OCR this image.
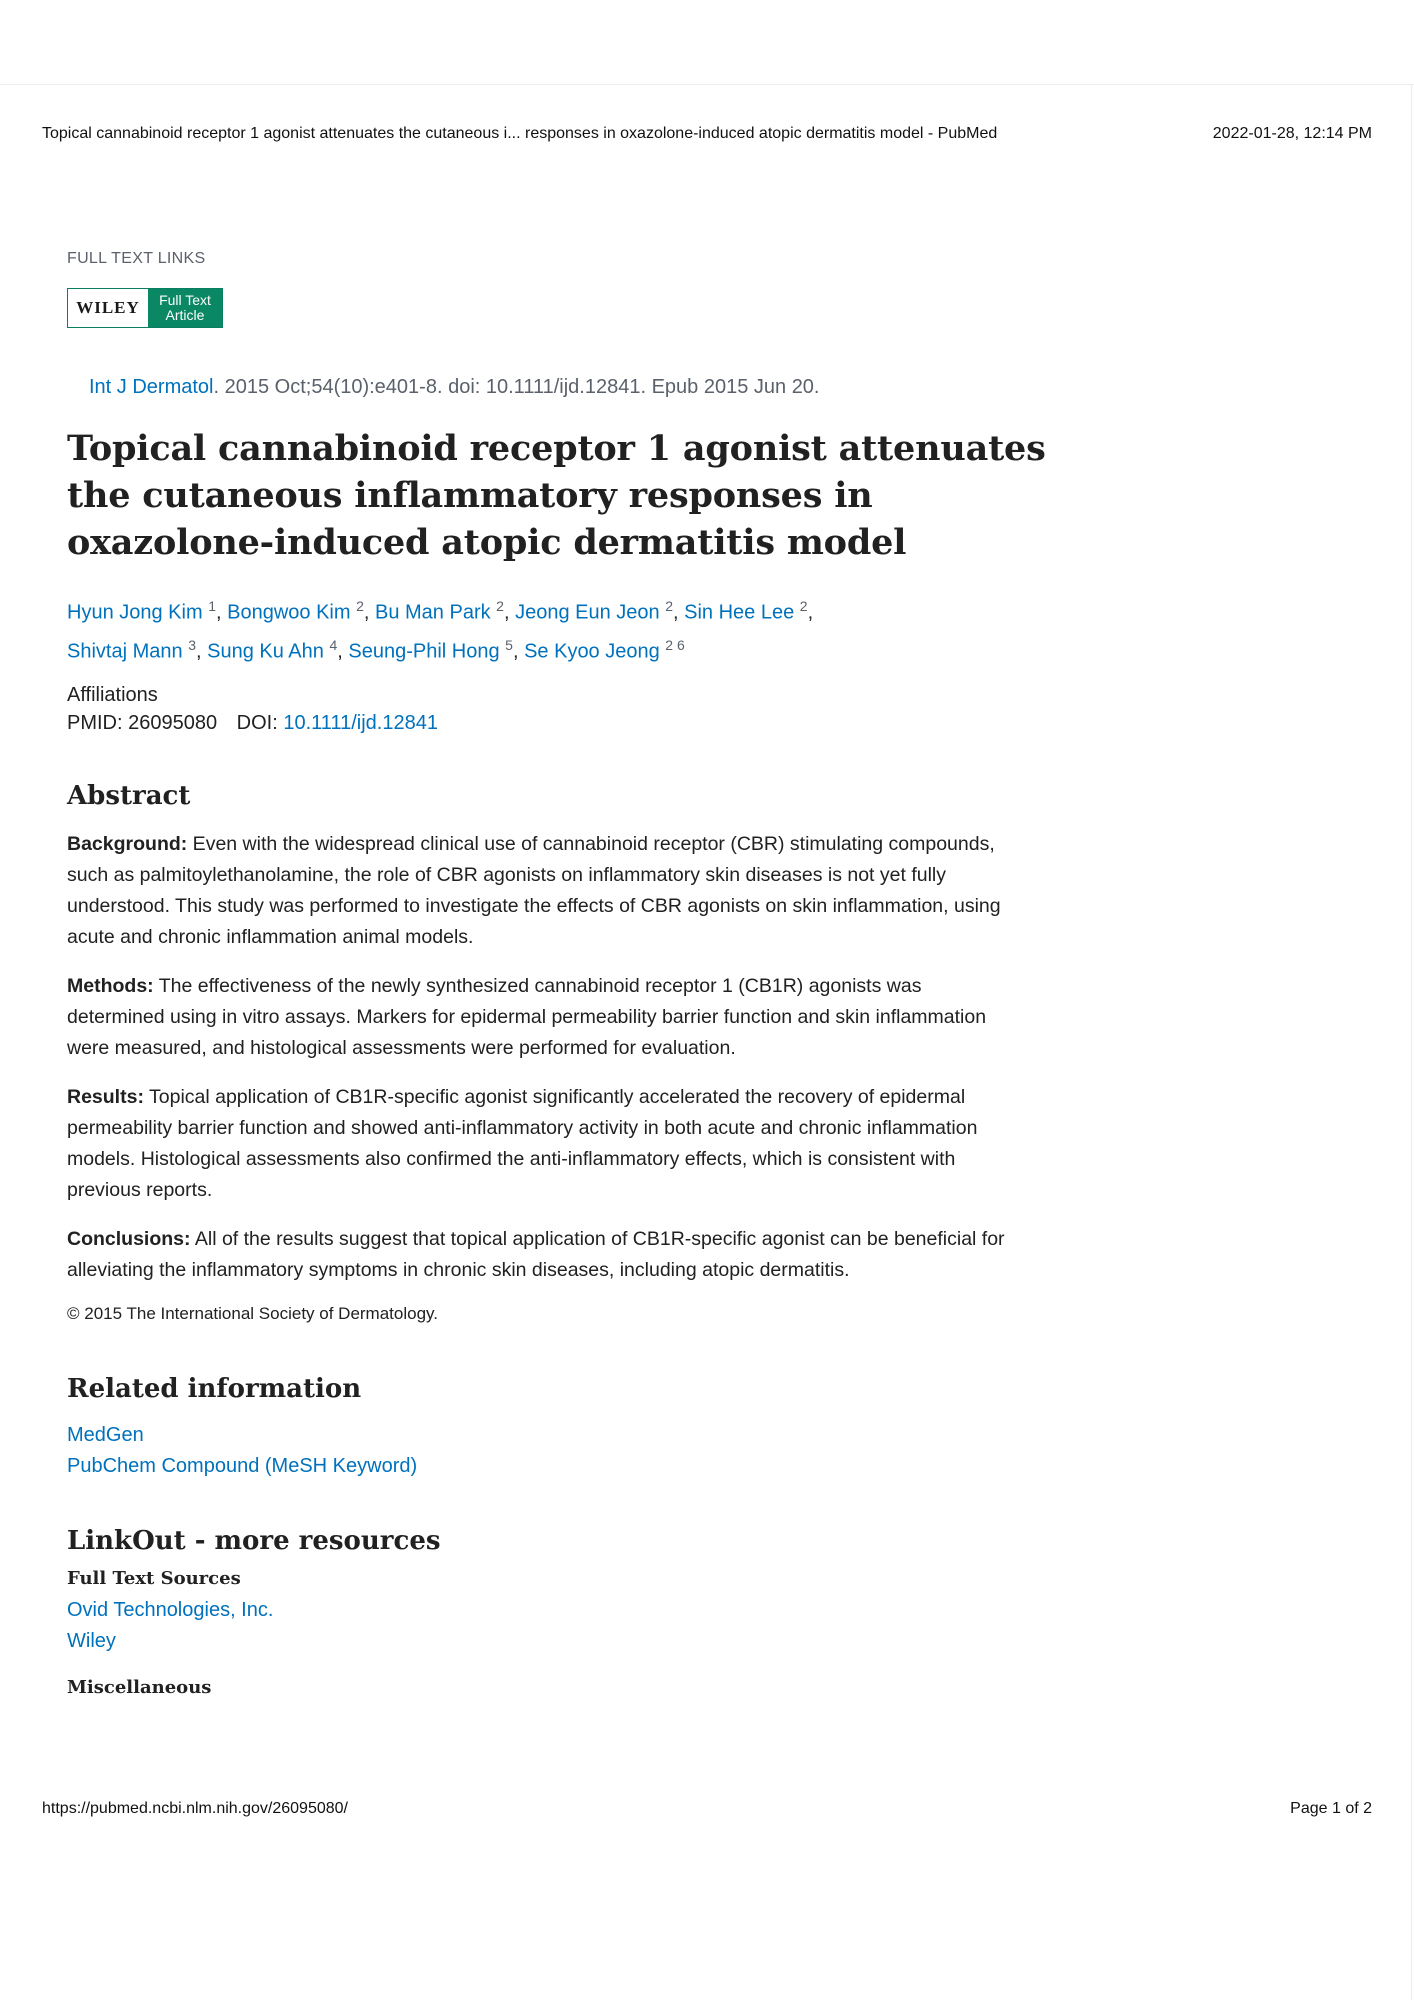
Topical cannabinoid receptor 1 agonist attenuates the cutaneous i... responses in oxazolone-induced atopic dermatitis model - PubMed	2022-01-28, 12:14 PM
FULL TEXT LINKS
WILEY	Full Text
Article
Int J Dermatol. 2015 Oct;54(10):e401-8. doi: 10.1111/ijd.12841. Epub 2015 Jun 20.
Topical cannabinoid receptor 1 agonist attenuates the cutaneous inflammatory responses in oxazolone-induced atopic dermatitis model
Hyun Jong Kim $^1$, Bongwoo Kim $^2$, Bu Man Park $^2$, Jeong Eun Jeon $^2$, Sin Hee Lee $^2$,
Shivtaj Mann $^3$, Sung Ku Ahn $^4$, Seung-Phil Hong $^5$, Se Kyoo Jeong $^{2 6}$
Affiliations
PMID: 26095080 DOI: 10.1111/ijd.12841
Abstract

Background: Even with the widespread clinical use of cannabinoid receptor (CBR) stimulating compounds, such as palmitoylethanolamine, the role of CBR agonists on inflammatory skin diseases is not yet fully understood. This study was performed to investigate the effects of CBR agonists on skin inflammation, using acute and chronic inflammation animal models.

Methods: The effectiveness of the newly synthesized cannabinoid receptor 1 (CB1R) agonists was determined using in vitro assays. Markers for epidermal permeability barrier function and skin inflammation were measured, and histological assessments were performed for evaluation.

Results: Topical application of CB1R-specific agonist significantly accelerated the recovery of epidermal permeability barrier function and showed anti-inflammatory activity in both acute and chronic inflammation models. Histological assessments also confirmed the anti-inflammatory effects, which is consistent with previous reports.

Conclusions: All of the results suggest that topical application of CB1R-specific agonist can be beneficial for alleviating the inflammatory symptoms in chronic skin diseases, including atopic dermatitis.

© 2015 The International Society of Dermatology.
Related information
MedGen
PubChem Compound (MeSH Keyword)
LinkOut - more resources
Full Text Sources
Ovid Technologies, Inc.
Wiley
Miscellaneous
https://pubmed.ncbi.nlm.nih.gov/26095080/	Page 1 of 2
